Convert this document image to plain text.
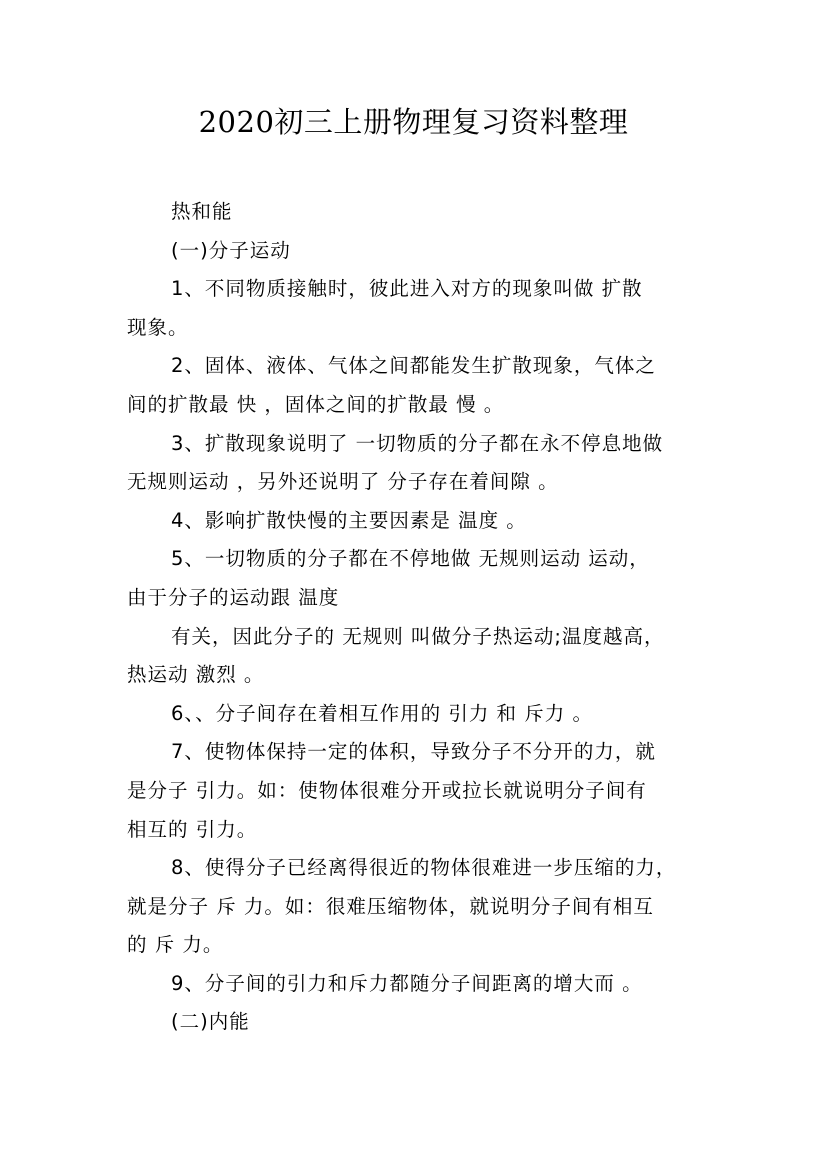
2020初三上册物理复习资料整理
热和能
(一)分子运动
1、不同物质接触时，彼此进入对方的现象叫做 扩散
现象。
2、固体、液体、气体之间都能发生扩散现象，气体之
间的扩散最 快 ，固体之间的扩散最 慢 。
3、扩散现象说明了 一切物质的分子都在永不停息地做
无规则运动 ，另外还说明了 分子存在着间隙 。
4、影响扩散快慢的主要因素是 温度 。
5、一切物质的分子都在不停地做 无规则运动 运动，
由于分子的运动跟 温度
有关，因此分子的 无规则 叫做分子热运动;温度越高，
热运动 激烈 。
6、、分子间存在着相互作用的 引力 和 斥力 。
7、使物体保持一定的体积，导致分子不分开的力，就
是分子 引力。如：使物体很难分开或拉长就说明分子间有
相互的 引力。
8、使得分子已经离得很近的物体很难进一步压缩的力，
就是分子 斥 力。如：很难压缩物体，就说明分子间有相互
的 斥 力。
9、分子间的引力和斥力都随分子间距离的增大而 。
(二)内能
